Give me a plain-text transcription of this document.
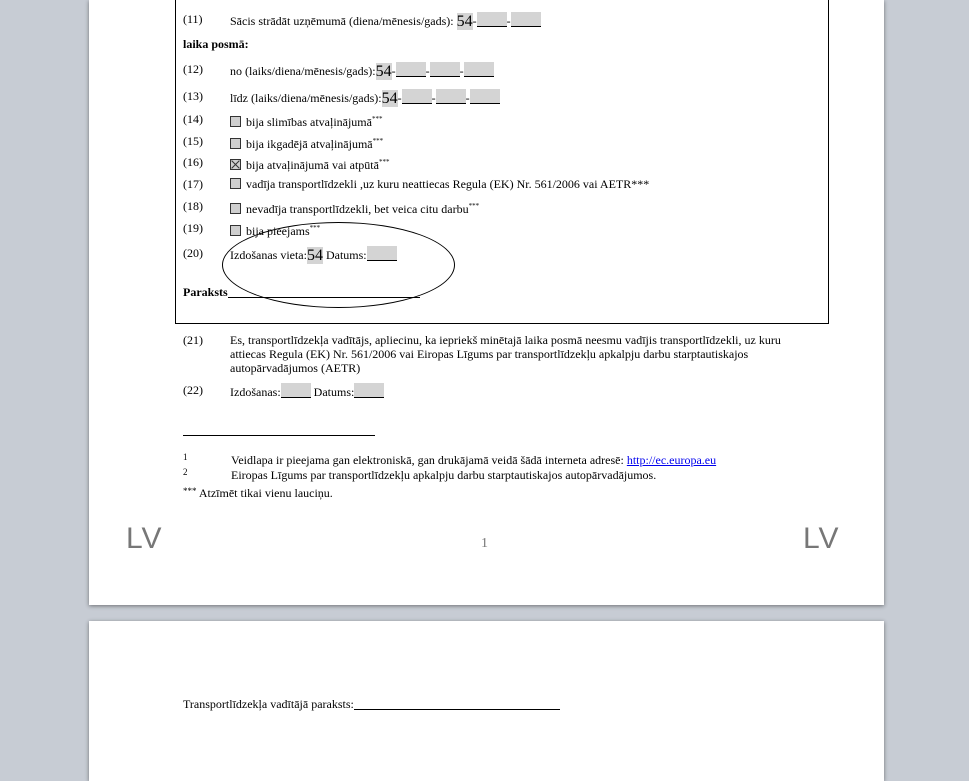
(11) Sācis strādāt uzņēmumā (diena/mēnesis/gads): 54-	-
laika posmā:
(12) no (laiks/diena/mēnesis/gads):54-	-	-
(13) līdz (laiks/diena/mēnesis/gads):54-	-	-
(14)	bija slimības atvaļinājumā***
(15)	bija ikgadējā atvaļinājumā***
(16)	bija atvaļinājumā vai atpūtā***
(17)	vadīja transportlīdzekli ,uz kuru neattiecas Regula (EK) Nr. 561/2006 vai AETR***
(18)	nevadīja transportlīdzekli, bet veica citu darbu***
(19)	bija pieejams***
(20) Izdošanas vieta:54 Datums:
Paraksts
(21) Es, transportlīdzekļa vadītājs, apliecinu, ka iepriekš minētajā laika posmā neesmu vadījis transportlīdzekli, uz kuru
attiecas Regula (EK) Nr. 561/2006 vai Eiropas Līgums par transportlīdzekļu apkalpju darbu starptautiskajos
autopārvadājumos (AETR)
(22) Izdošanas:	Datums:
1	Veidlapa ir pieejama gan elektroniskā, gan drukājamā veidā šādā interneta adresē: http://ec.europa.eu
2	Eiropas Līgums par transportlīdzekļu apkalpju darbu starptautiskajos autopārvadājumos.
*** Atzīmēt tikai vienu lauciņu.
LV	LV
1
Transportlīdzekļa vadītājā paraksts:
